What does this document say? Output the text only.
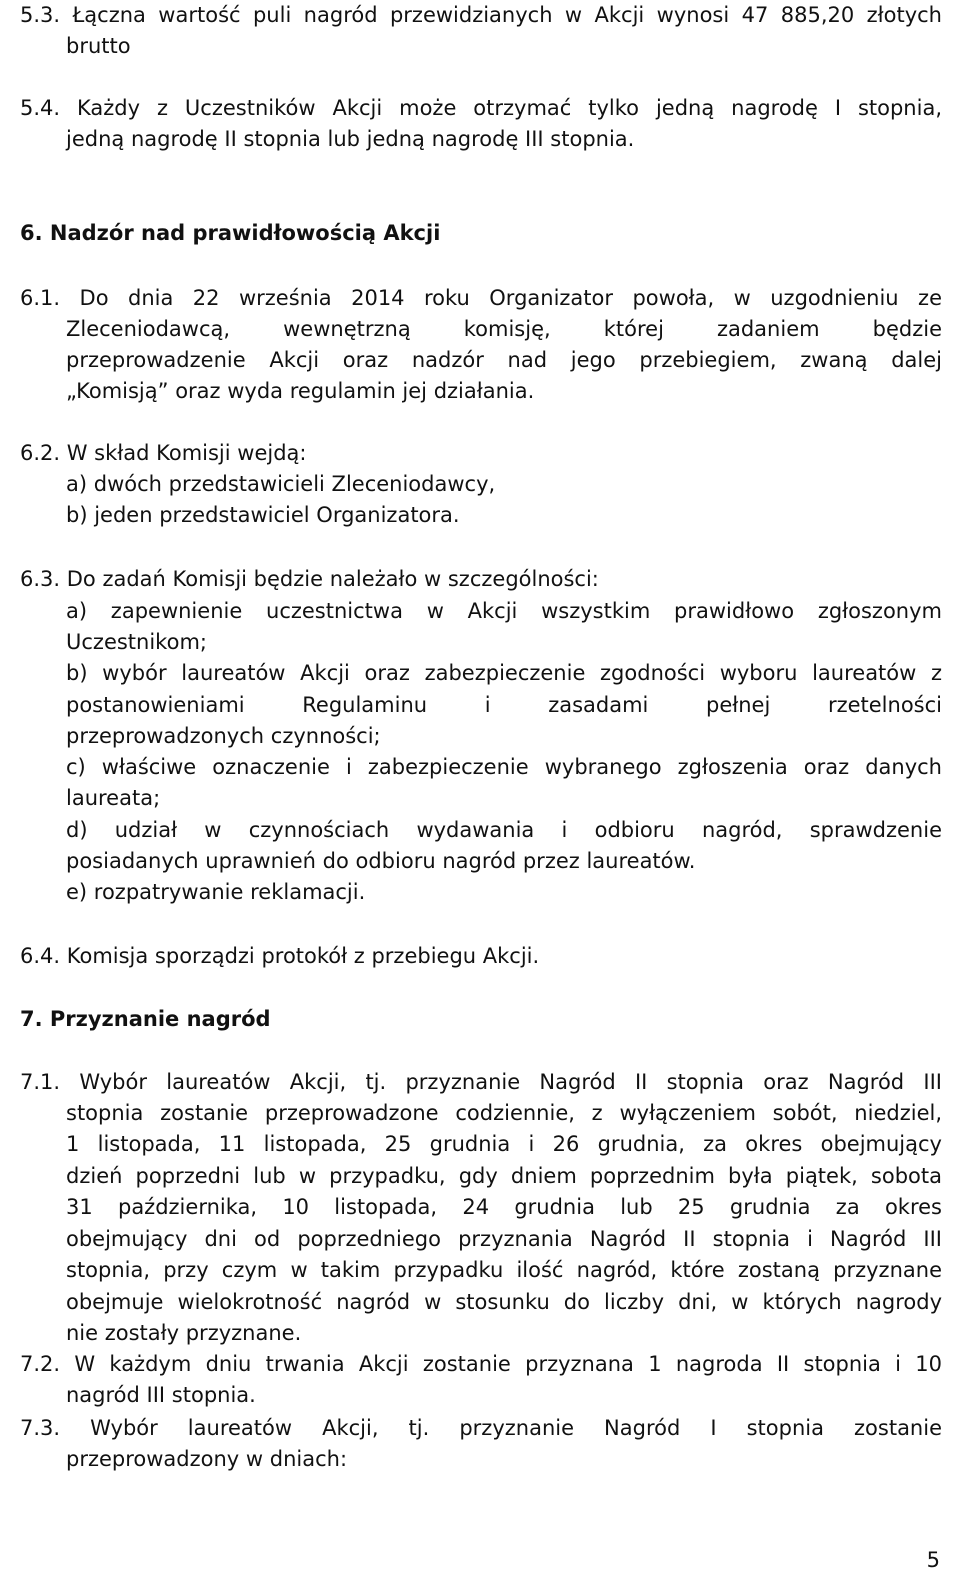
5.3. Łączna wartość puli nagród przewidzianych w Akcji wynosi 47 885,20 złotych
brutto
5.4. Każdy z Uczestników Akcji może otrzymać tylko jedną nagrodę I stopnia,
jedną nagrodę II stopnia lub jedną nagrodę III stopnia.
6. Nadzór nad prawidłowością Akcji
6.1. Do dnia 22 września 2014 roku Organizator powoła, w uzgodnieniu ze
Zleceniodawcą, wewnętrzną komisję, której zadaniem będzie
przeprowadzenie Akcji oraz nadzór nad jego przebiegiem, zwaną dalej
„Komisją” oraz wyda regulamin jej działania.
6.2. W skład Komisji wejdą:
a) dwóch przedstawicieli Zleceniodawcy,
b) jeden przedstawiciel Organizatora.
6.3. Do zadań Komisji będzie należało w szczególności:
a) zapewnienie uczestnictwa w Akcji wszystkim prawidłowo zgłoszonym
Uczestnikom;
b) wybór laureatów Akcji oraz zabezpieczenie zgodności wyboru laureatów z
postanowieniami Regulaminu i zasadami pełnej rzetelności
przeprowadzonych czynności;
c) właściwe oznaczenie i zabezpieczenie wybranego zgłoszenia oraz danych
laureata;
d) udział w czynnościach wydawania i odbioru nagród, sprawdzenie
posiadanych uprawnień do odbioru nagród przez laureatów.
e) rozpatrywanie reklamacji.
6.4. Komisja sporządzi protokół z przebiegu Akcji.
7. Przyznanie nagród
7.1. Wybór laureatów Akcji, tj. przyznanie Nagród II stopnia oraz Nagród III
stopnia zostanie przeprowadzone codziennie, z wyłączeniem sobót, niedziel,
1 listopada, 11 listopada, 25 grudnia i 26 grudnia, za okres obejmujący
dzień poprzedni lub w przypadku, gdy dniem poprzednim była piątek, sobota
31 października, 10 listopada, 24 grudnia lub 25 grudnia za okres
obejmujący dni od poprzedniego przyznania Nagród II stopnia i Nagród III
stopnia, przy czym w takim przypadku ilość nagród, które zostaną przyznane
obejmuje wielokrotność nagród w stosunku do liczby dni, w których nagrody
nie zostały przyznane.
7.2. W każdym dniu trwania Akcji zostanie przyznana 1 nagroda II stopnia i 10
nagród III stopnia.
7.3. Wybór laureatów Akcji, tj. przyznanie Nagród I stopnia zostanie
przeprowadzony w dniach:
5
